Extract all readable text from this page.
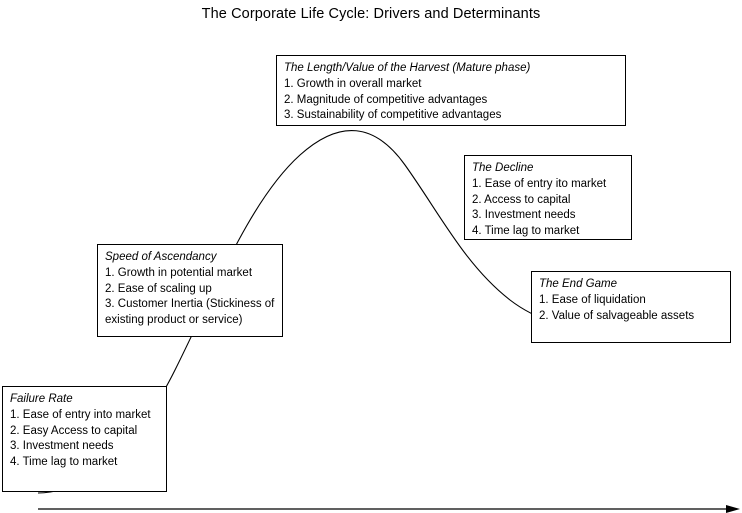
The Corporate Life Cycle: Drivers and Determinants
The Length/Value of the Harvest (Mature phase)
1. Growth in overall market
2. Magnitude of competitive advantages
3. Sustainability of competitive advantages
The Decline
1. Ease of entry ito market
2. Access to capital
3. Investment needs
4. Time lag to market
The End Game
1. Ease of liquidation
2. Value of salvageable assets
Speed of Ascendancy
1. Growth in potential market
2. Ease of scaling up
3. Customer Inertia (Stickiness of existing product or service)
Failure Rate
1. Ease of entry into market
2. Easy Access to capital
3. Investment needs
4. Time lag to market
